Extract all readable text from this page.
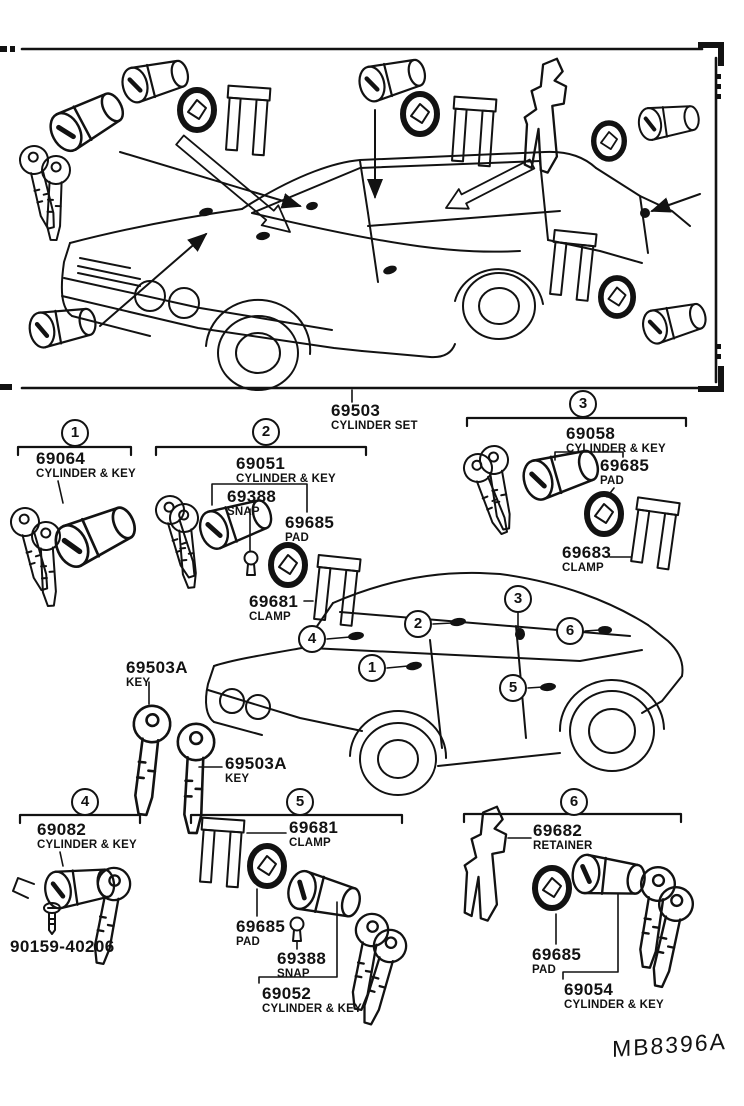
69503
CYLINDER SET
1	2
3
4	5	6
69064
CYLINDER & KEY
69051
CYLINDER & KEY
69388
SNAP
69685
PAD
69681
CLAMP
69058
CYLINDER & KEY
69685
PAD
69683
CLAMP
69503A
KEY
69503A
KEY
4
2
1
3
6
5
69082
CYLINDER & KEY
90159-40206
69681
CLAMP
69685
PAD
69388
SNAP
69052
CYLINDER & KEY
69682
RETAINER
69685
PAD
69054
CYLINDER & KEY
MB8396A
